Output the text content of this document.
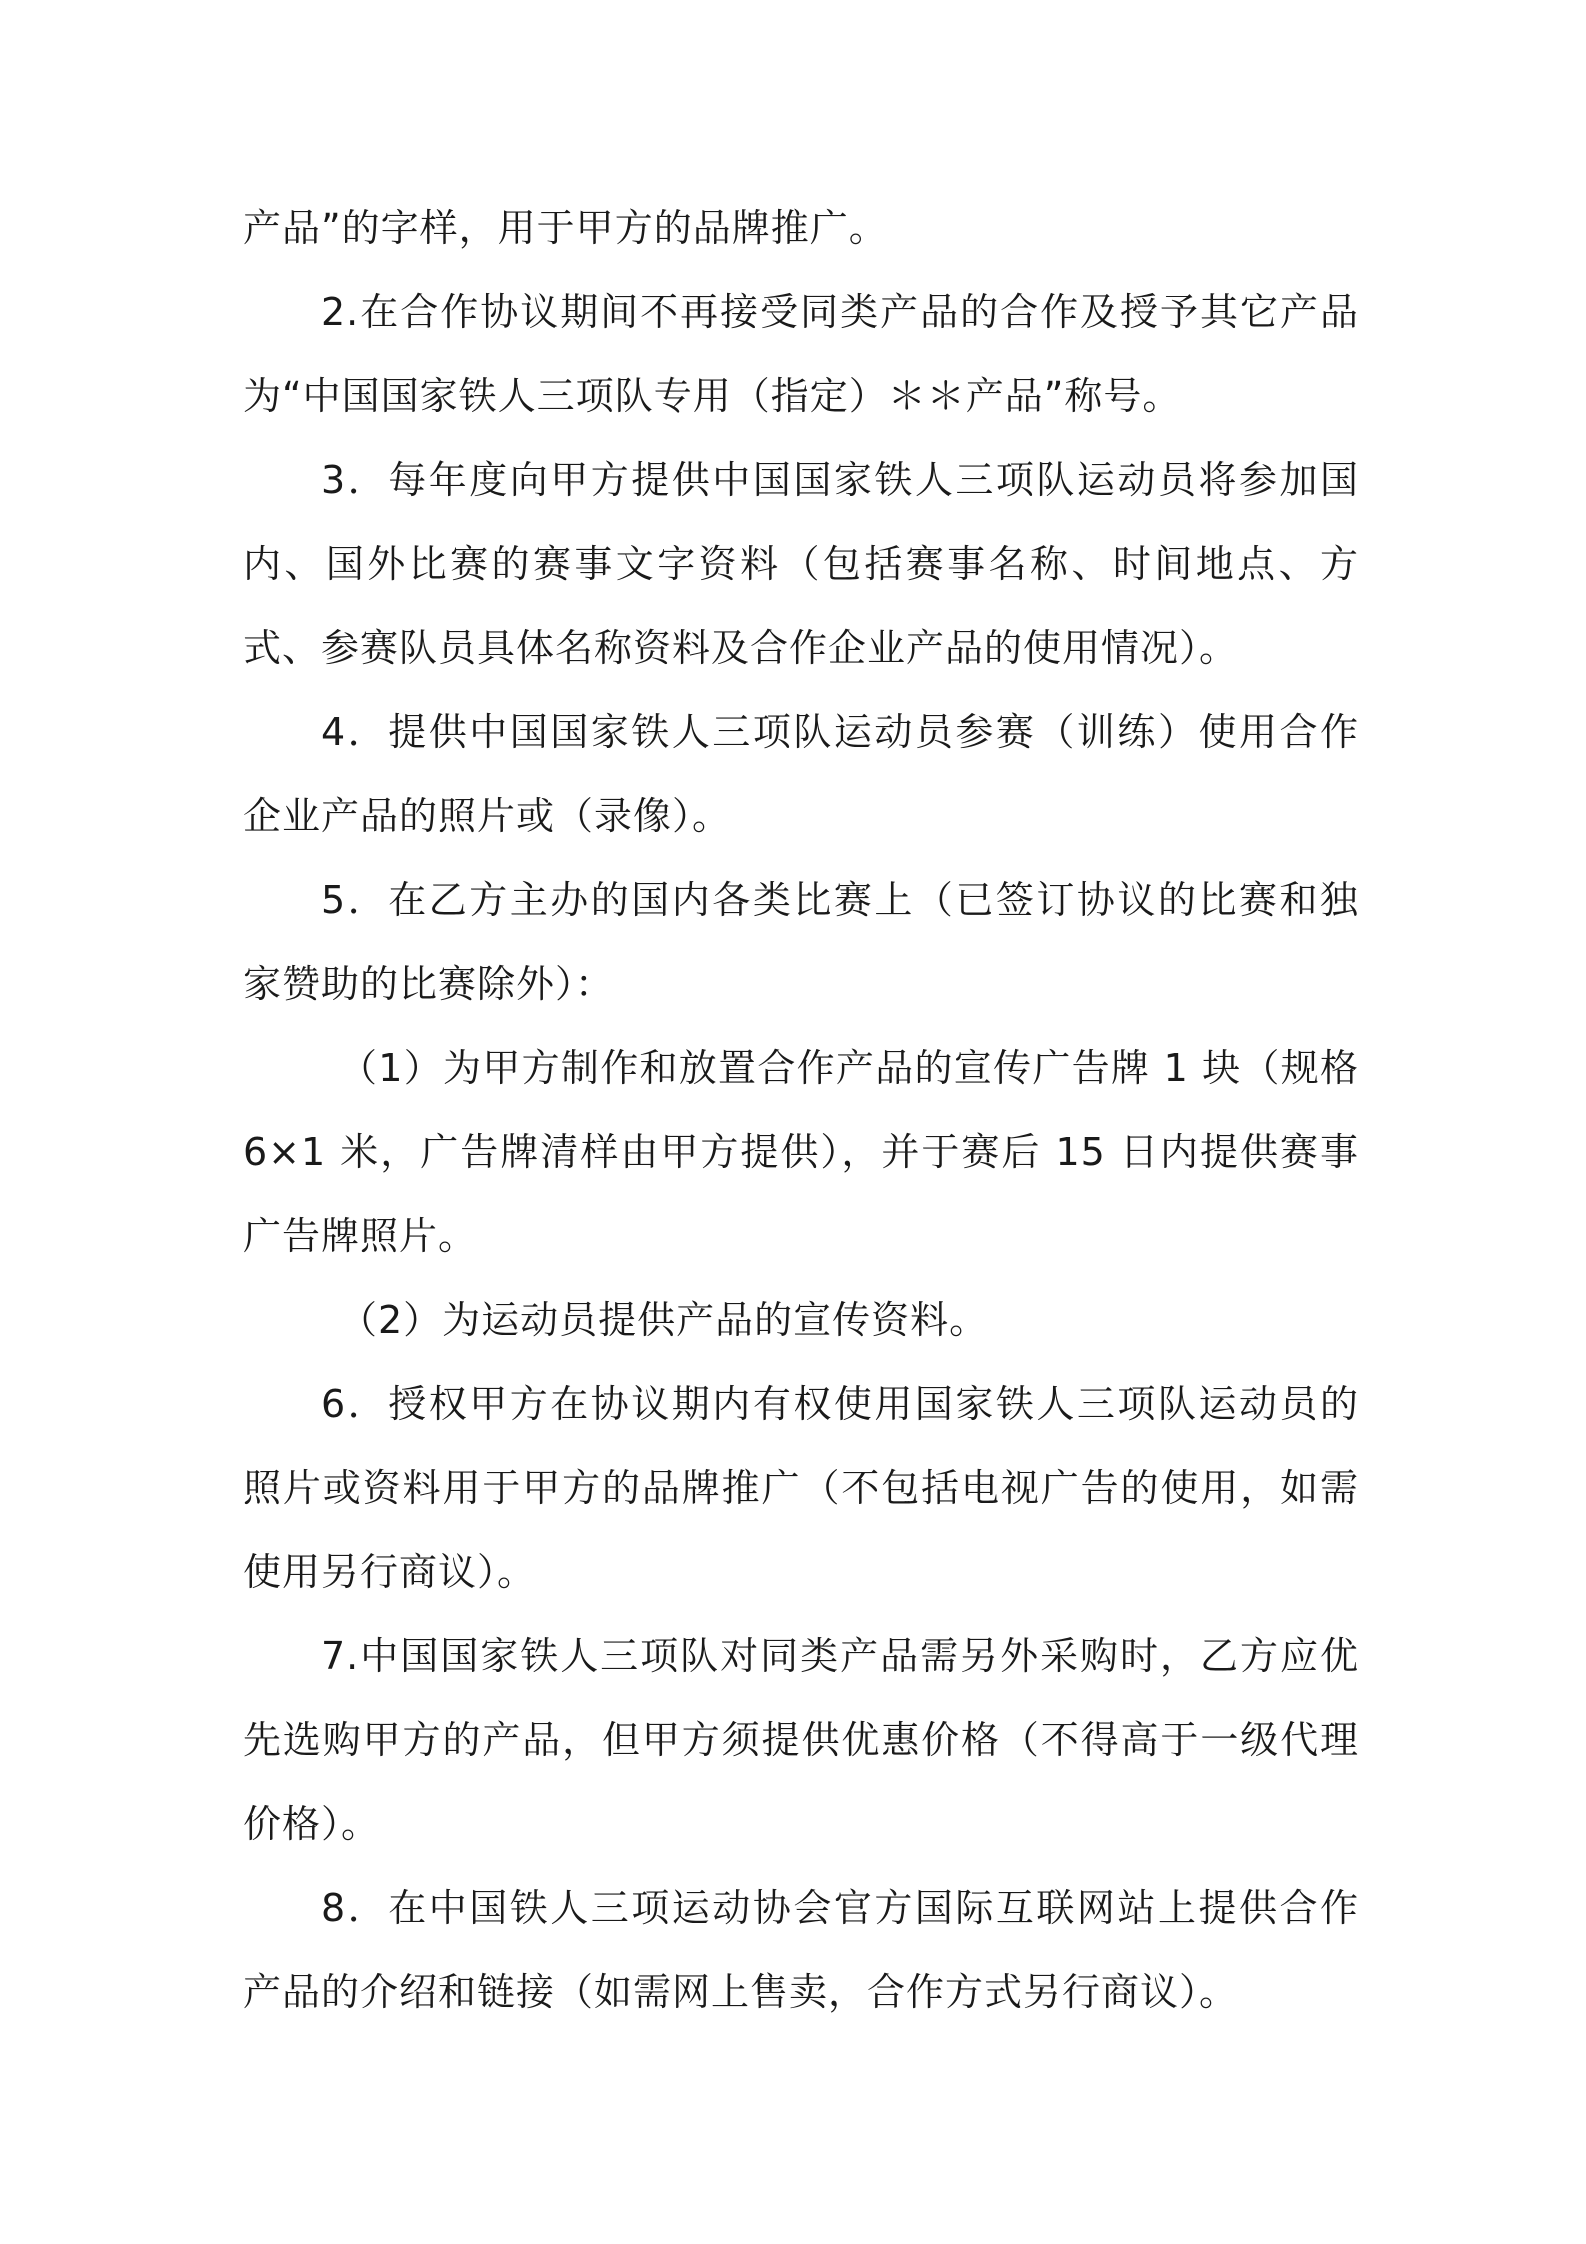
产品”的字样，用于甲方的品牌推广。

2.在合作协议期间不再接受同类产品的合作及授予其它产品为“中国国家铁人三项队专用（指定）＊＊产品”称号。

3．每年度向甲方提供中国国家铁人三项队运动员将参加国内、国外比赛的赛事文字资料（包括赛事名称、时间地点、方式、参赛队员具体名称资料及合作企业产品的使用情况）。

4．提供中国国家铁人三项队运动员参赛（训练）使用合作企业产品的照片或（录像）。

5．在乙方主办的国内各类比赛上（已签订协议的比赛和独家赞助的比赛除外）：

（1）为甲方制作和放置合作产品的宣传广告牌 1 块（规格 6×1 米，广告牌清样由甲方提供），并于赛后 15 日内提供赛事广告牌照片。

（2）为运动员提供产品的宣传资料。

6．授权甲方在协议期内有权使用国家铁人三项队运动员的照片或资料用于甲方的品牌推广（不包括电视广告的使用，如需使用另行商议）。

7.中国国家铁人三项队对同类产品需另外采购时，乙方应优先选购甲方的产品，但甲方须提供优惠价格（不得高于一级代理价格）。

8．在中国铁人三项运动协会官方国际互联网站上提供合作产品的介绍和链接（如需网上售卖，合作方式另行商议）。
